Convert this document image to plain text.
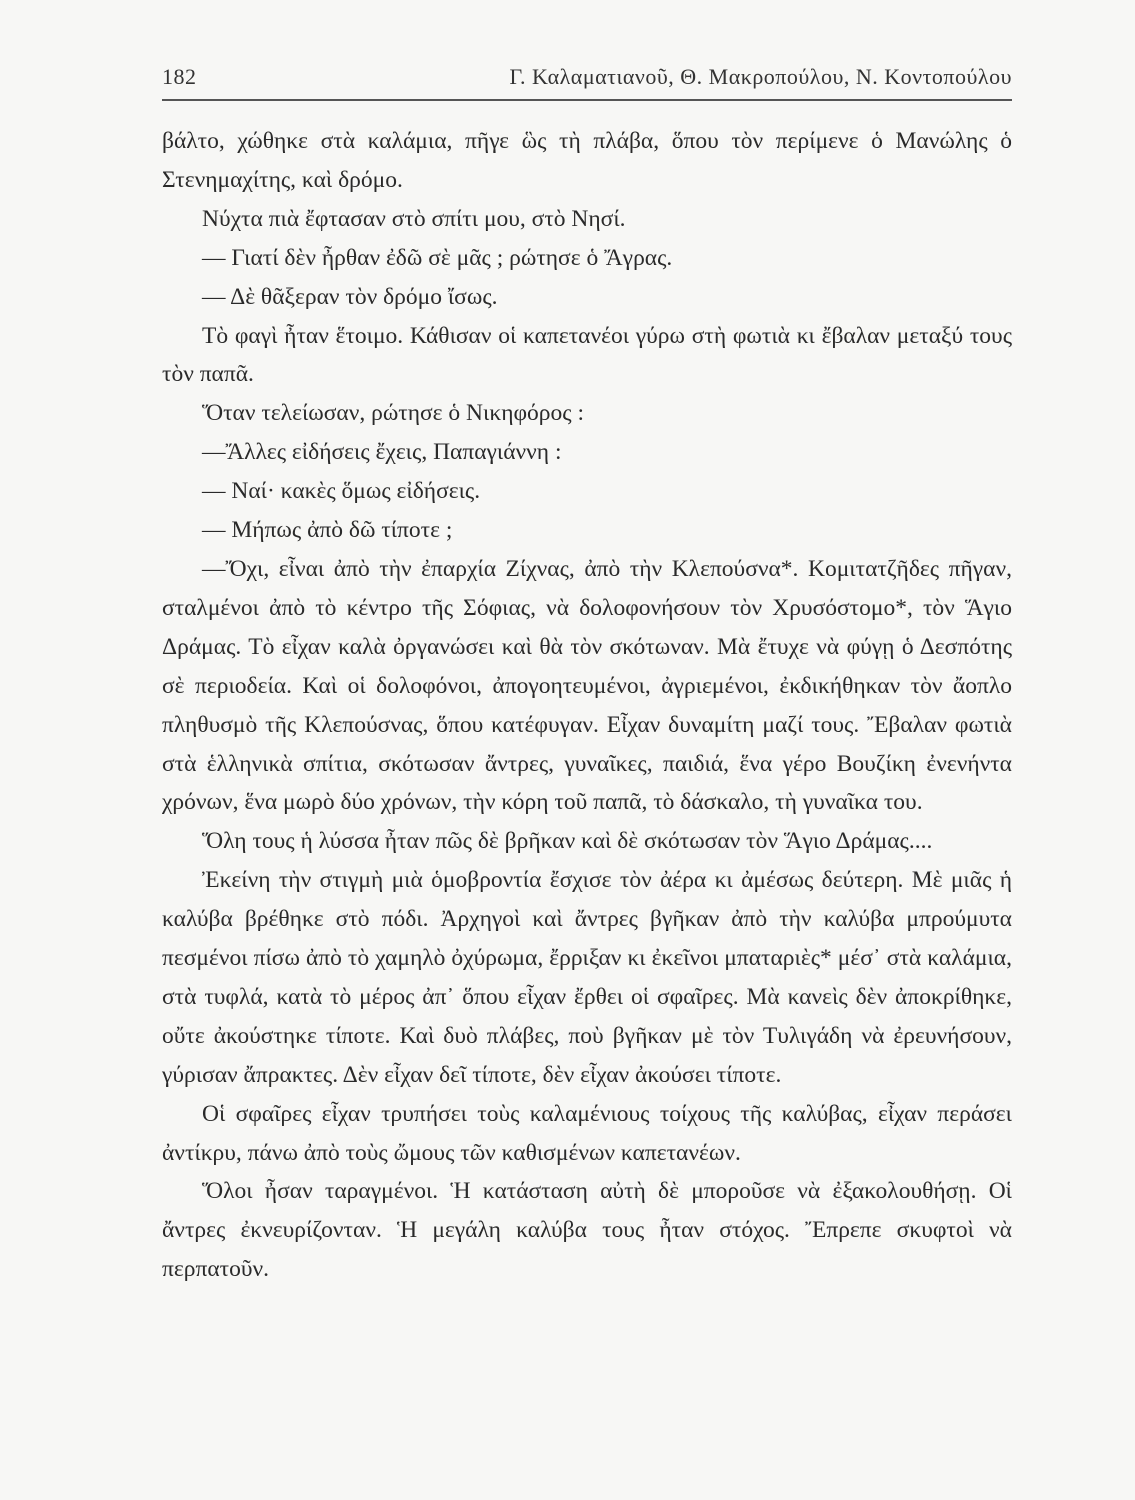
182	Γ. Καλαματιανοῦ, Θ. Μακροπούλου, Ν. Κοντοπούλου

βάλτο, χώθηκε στὰ καλάμια, πῆγε ὣς τὴ πλάβα, ὅπου τὸν περίμενε ὁ Μανώλης ὁ Στενημαχίτης, καὶ δρόμο.

Νύχτα πιὰ ἔφτασαν στὸ σπίτι μου, στὸ Νησί.

— Γιατί δὲν ἦρθαν ἐδῶ σὲ μᾶς ; ρώτησε ὁ Ἄγρας.

— Δὲ θᾶξεραν τὸν δρόμο ἴσως.

Τὸ φαγὶ ἦταν ἕτοιμο. Κάθισαν οἱ καπετανέοι γύρω στὴ φωτιὰ κι ἔβαλαν μεταξύ τους τὸν παπᾶ.

Ὅταν τελείωσαν, ρώτησε ὁ Νικηφόρος :

—Ἄλλες εἰδήσεις ἔχεις, Παπαγιάννη :

— Ναί· κακὲς ὅμως εἰδήσεις.

— Μήπως ἀπὸ δῶ τίποτε ;

—Ὄχι, εἶναι ἀπὸ τὴν ἐπαρχία Ζίχνας, ἀπὸ τὴν Κλεπούσνα*. Κομιτατζῆδες πῆγαν, σταλμένοι ἀπὸ τὸ κέντρο τῆς Σόφιας, νὰ δολοφονήσουν τὸν Χρυσόστομο*, τὸν Ἅγιο Δράμας. Τὸ εἶχαν καλὰ ὀργανώσει καὶ θὰ τὸν σκότωναν. Μὰ ἔτυχε νὰ φύγῃ ὁ Δεσπότης σὲ περιοδεία. Καὶ οἱ δολοφόνοι, ἀπογοητευμένοι, ἀγριεμένοι, ἐκδικήθηκαν τὸν ἄοπλο πληθυσμὸ τῆς Κλεπούσνας, ὅπου κατέφυγαν. Εἶχαν δυναμίτη μαζί τους. Ἔβαλαν φωτιὰ στὰ ἑλληνικὰ σπίτια, σκότωσαν ἄντρες, γυναῖκες, παιδιά, ἕνα γέρο Βουζίκη ἐνενήντα χρόνων, ἕνα μωρὸ δύο χρόνων, τὴν κόρη τοῦ παπᾶ, τὸ δάσκαλο, τὴ γυναῖκα του.

Ὅλη τους ἡ λύσσα ἦταν πῶς δὲ βρῆκαν καὶ δὲ σκότωσαν τὸν Ἅγιο Δράμας....

Ἐκείνη τὴν στιγμὴ μιὰ ὁμοβροντία ἔσχισε τὸν ἀέρα κι ἀμέσως δεύτερη. Μὲ μιᾶς ἡ καλύβα βρέθηκε στὸ πόδι. Ἀρχηγοὶ καὶ ἄντρες βγῆκαν ἀπὸ τὴν καλύβα μπρούμυτα πεσμένοι πίσω ἀπὸ τὸ χαμηλὸ ὀχύρωμα, ἔρριξαν κι ἐκεῖνοι μπαταριὲς* μέσ᾽ στὰ καλάμια, στὰ τυφλά, κατὰ τὸ μέρος ἀπ᾽ ὅπου εἶχαν ἔρθει οἱ σφαῖρες. Μὰ κανεὶς δὲν ἀποκρίθηκε, οὔτε ἀκούστηκε τίποτε. Καὶ δυὸ πλάβες, ποὺ βγῆκαν μὲ τὸν Τυλιγάδη νὰ ἐρευνήσουν, γύρισαν ἄπρακτες. Δὲν εἶχαν δεῖ τίποτε, δὲν εἶχαν ἀκούσει τίποτε.

Οἱ σφαῖρες εἶχαν τρυπήσει τοὺς καλαμένιους τοίχους τῆς καλύβας, εἶχαν περάσει ἀντίκρυ, πάνω ἀπὸ τοὺς ὤμους τῶν καθισμένων καπετανέων.

Ὅλοι ἦσαν ταραγμένοι. Ἡ κατάσταση αὐτὴ δὲ μποροῦσε νὰ ἐξακολουθήσῃ. Οἱ ἄντρες ἐκνευρίζονταν. Ἡ μεγάλη καλύβα τους ἦταν στόχος. Ἔπρεπε σκυφτοὶ νὰ περπατοῦν.
